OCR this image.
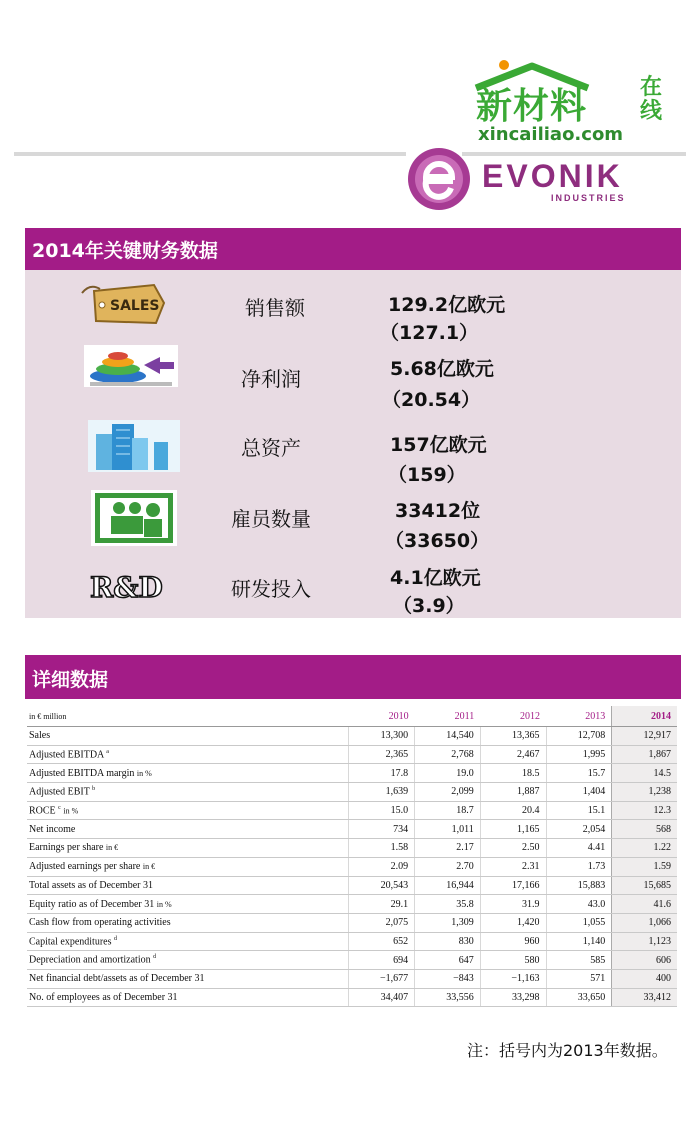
新材料 在线
xincailiao.com
EVONIK
INDUSTRIES
2014年关键财务数据
SALES	销售额	129.2亿欧元
（127.1）
净利润	5.68亿欧元
（20.54）
总资产	157亿欧元
（159）
雇员数量	33412位
（33650）
R&D	研发投入	4.1亿欧元
（3.9）
详细数据
in € million	2010	2011	2012	2013	2014
Sales	13,300	14,540	13,365	12,708	12,917
Adjusted EBITDA $^a$	2,365	2,768	2,467	1,995	1,867
Adjusted EBITDA margin in %	17.8	19.0	18.5	15.7	14.5
Adjusted EBIT $^b$	1,639	2,099	1,887	1,404	1,238
ROCE $^c$ in %	15.0	18.7	20.4	15.1	12.3
Net income	734	1,011	1,165	2,054	568
Earnings per share in €	1.58	2.17	2.50	4.41	1.22
Adjusted earnings per share in €	2.09	2.70	2.31	1.73	1.59
Total assets as of December 31	20,543	16,944	17,166	15,883	15,685
Equity ratio as of December 31 in %	29.1	35.8	31.9	43.0	41.6
Cash flow from operating activities	2,075	1,309	1,420	1,055	1,066
Capital expenditures $^d$	652	830	960	1,140	1,123
Depreciation and amortization $^d$	694	647	580	585	606
Net financial debt/assets as of December 31	−1,677	−843	−1,163	571	400
No. of employees as of December 31	34,407	33,556	33,298	33,650	33,412
注：括号内为2013年数据。
